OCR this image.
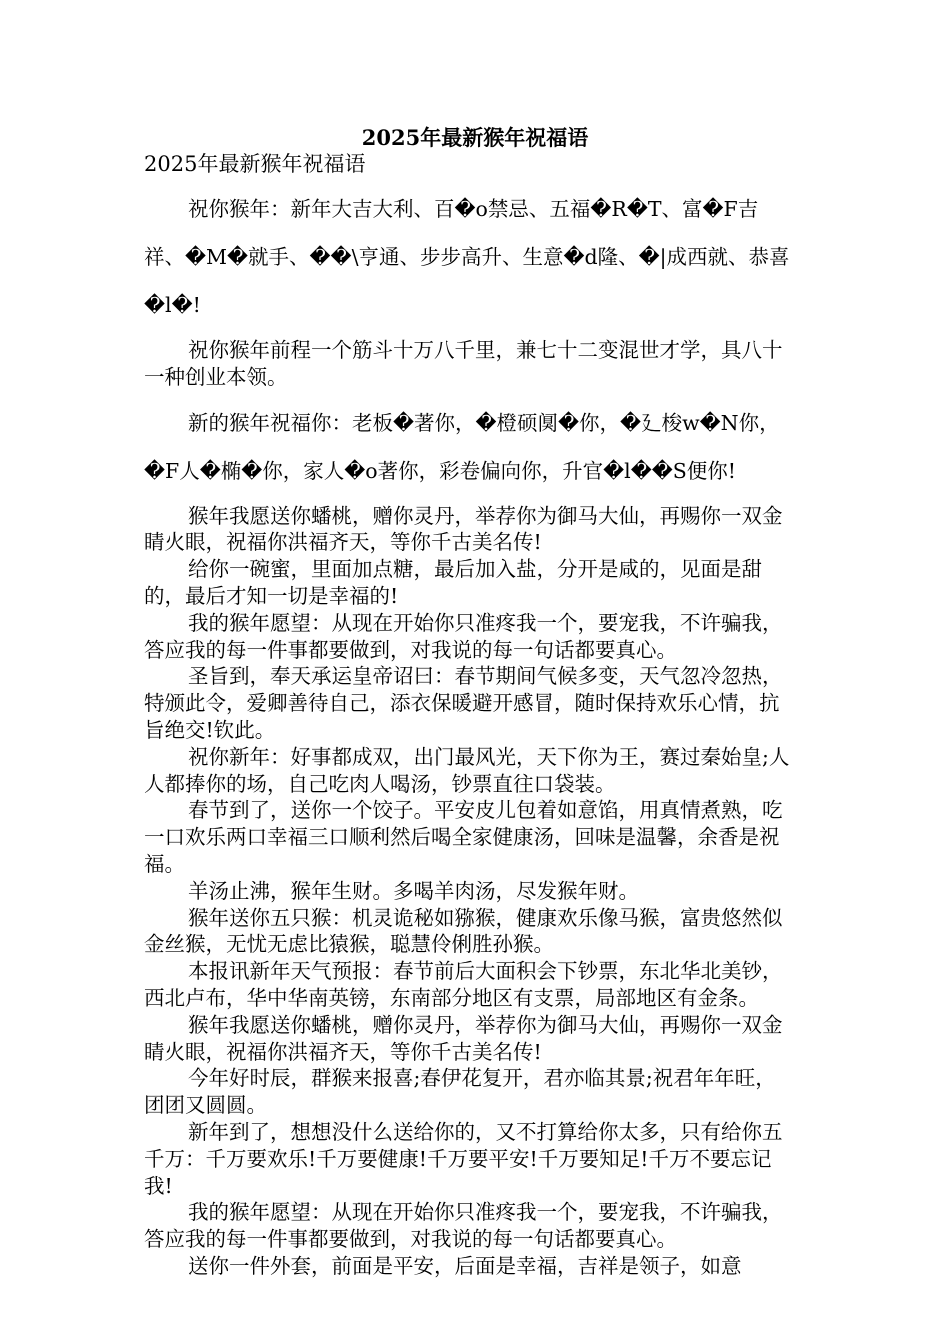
2025年最新猴年祝福语

2025年最新猴年祝福语

祝你猴年：新年大吉大利、百�o禁忌、五福�R�T、富�F吉祥、�M�就手、��\亨通、步步高升、生意�d隆、�|成西就、恭喜�l�!

祝你猴年前程一个筋斗十万八千里，兼七十二变混世才学，具八十一种创业本领。

新的猴年祝福你：老板�著你，�橙硕阒�你，�廴梭w�N你，�F人�椭�你，家人�o著你，彩卷偏向你，升官�l��S便你!

猴年我愿送你蟠桃，赠你灵丹，举荐你为御马大仙，再赐你一双金睛火眼，祝福你洪福齐天，等你千古美名传!

给你一碗蜜，里面加点糖，最后加入盐，分开是咸的，见面是甜的，最后才知一切是幸福的!

我的猴年愿望：从现在开始你只准疼我一个，要宠我，不许骗我，答应我的每一件事都要做到，对我说的每一句话都要真心。

圣旨到，奉天承运皇帝诏曰：春节期间气候多变，天气忽冷忽热，特颁此令，爱卿善待自己，添衣保暖避开感冒，随时保持欢乐心情，抗旨绝交!钦此。

祝你新年：好事都成双，出门最风光，天下你为王，赛过秦始皇;人人都捧你的场，自己吃肉人喝汤，钞票直往口袋装。

春节到了，送你一个饺子。平安皮儿包着如意馅，用真情煮熟，吃一口欢乐两口幸福三口顺利然后喝全家健康汤，回味是温馨，余香是祝福。

羊汤止沸，猴年生财。多喝羊肉汤，尽发猴年财。

猴年送你五只猴：机灵诡秘如猕猴，健康欢乐像马猴，富贵悠然似金丝猴，无忧无虑比猿猴，聪慧伶俐胜孙猴。

本报讯新年天气预报：春节前后大面积会下钞票，东北华北美钞，西北卢布，华中华南英镑，东南部分地区有支票，局部地区有金条。

猴年我愿送你蟠桃，赠你灵丹，举荐你为御马大仙，再赐你一双金睛火眼，祝福你洪福齐天，等你千古美名传!

今年好时辰，群猴来报喜;春伊花复开，君亦临其景;祝君年年旺，团团又圆圆。

新年到了，想想没什么送给你的，又不打算给你太多，只有给你五千万：千万要欢乐!千万要健康!千万要平安!千万要知足!千万不要忘记我!

我的猴年愿望：从现在开始你只准疼我一个，要宠我，不许骗我，答应我的每一件事都要做到，对我说的每一句话都要真心。

送你一件外套，前面是平安，后面是幸福，吉祥是领子，如意
